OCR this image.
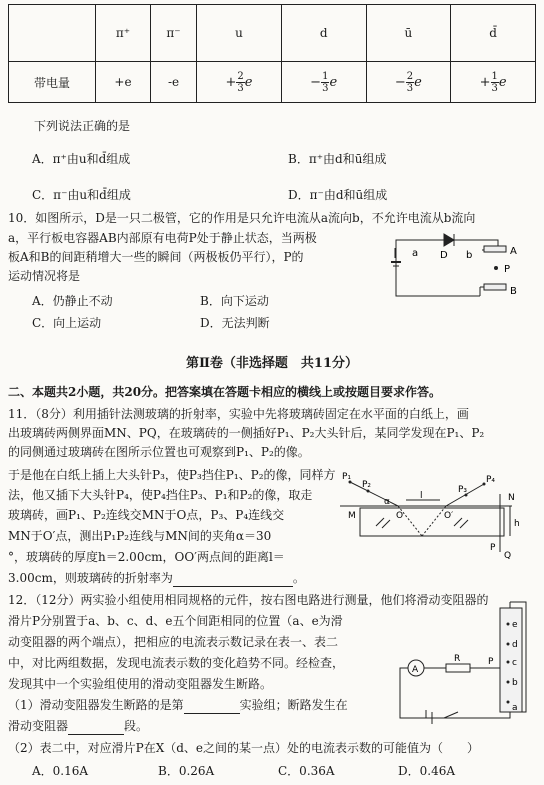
	π⁺	π⁻	u	d	ū	d̄
带电量	+e	-e	+ $\frac{2}{3}$ e	− $\frac{1}{3}$ e	− $\frac{2}{3}$ e	+ $\frac{1}{3}$ e
下列说法正确的是
A．π⁺由u和d̄组成	B．π⁺由d和ū组成
C．π⁻由u和d̄组成	D．π⁻由d和ū组成
10．如图所示，D是一只二极管，它的作用是只允许电流从a流向b，不允许电流从b流向
a，平行板电容器AB内部原有电荷P处于静止状态，当两极
板A和B的间距稍增大一些的瞬间（两极板仍平行），P的
运动情况将是
A．仍静止不动	B．向下运动
C．向上运动	D．无法判断
a D b	A
P
B
第Ⅱ卷（非选择题　共11分）
二、本题共2小题，共20分。把答案填在答题卡相应的横线上或按题目要求作答。
11．（8分）利用插针法测玻璃的折射率，实验中先将玻璃砖固定在水平面的白纸上，画
出玻璃砖两侧界面MN、PQ，在玻璃砖的一侧插好P₁、P₂大头针后，某同学发现在P₁、P₂
的同侧通过玻璃砖在图所示位置也可观察到P₁、P₂的像。
于是他在白纸上插上大头针P₃，使P₃挡住P₁、P₂的像，同样方
法，他又插下大头针P₄，使P₄挡住P₃、P₁和P₂的像，取走
玻璃砖，画P₁、P₂连线交MN于O点，P₃、P₄连线交
MN于O′点，测出P₁P₂连线与MN间的夹角α＝30
°，玻璃砖的厚度h＝2.00cm，OO′两点间的距离l＝
3.00cm，则玻璃砖的折射率为	。
P₁
P₂	P₃
P₄
M
N
P
Q
O	O′
α
l
h
12．（12分）两实验小组使用相同规格的元件，按右图电路进行测量，他们将滑动变阻器的
滑片P分别置于a、b、c、d、e五个间距相同的位置（a、e为滑
动变阻器的两个端点），把相应的电流表示数记录在表一、表二
中，对比两组数据，发现电流表示数的变化趋势不同。经检查，
发现其中一个实验组使用的滑动变阻器发生断路。
（1）滑动变阻器发生断路的是第	实验组；断路发生在
滑动变阻器	段。
（2）表二中，对应滑片P在X（d、e之间的某一点）处的电流表示数的可能值为（　　）
A．0.16A	B．0.26A	C．0.36A	D．0.46A
A
R	P
e
d
c
b
a
